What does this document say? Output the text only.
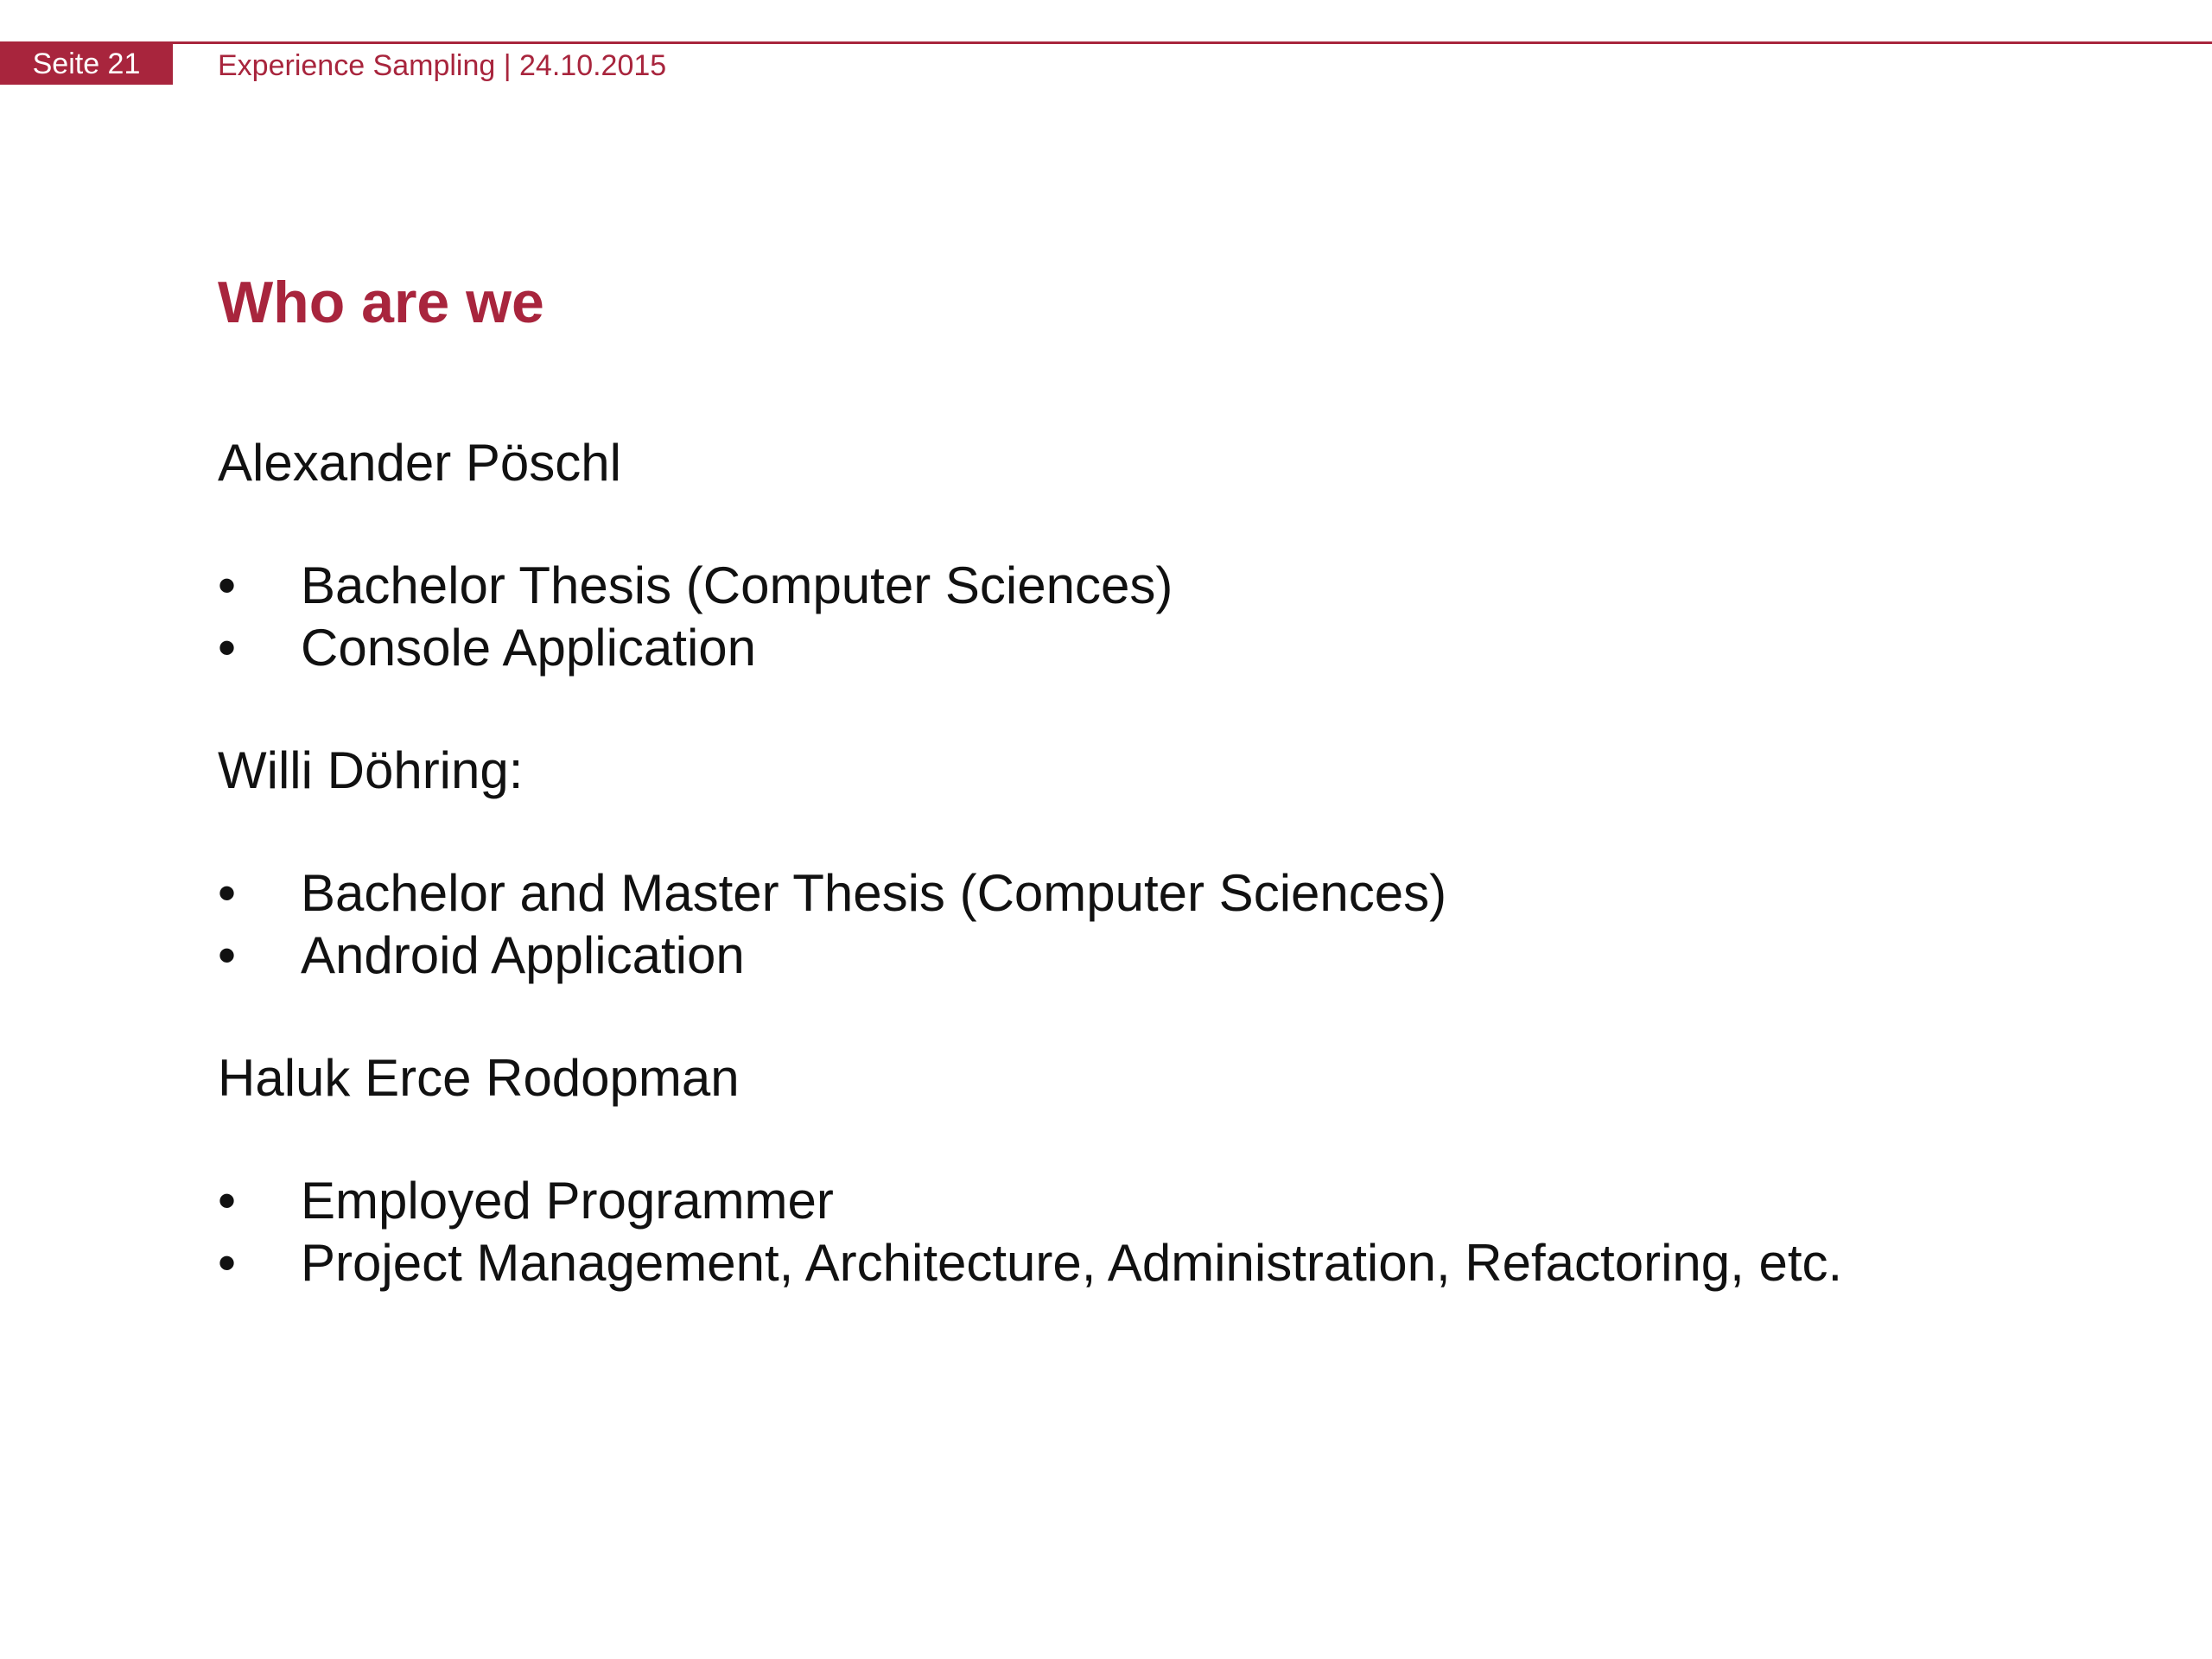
Seite 21	Experience Sampling | 24.10.2015
Who are we

Alexander Pöschl

• Bachelor Thesis (Computer Sciences)
• Console Application

Willi Döhring:

• Bachelor and Master Thesis (Computer Sciences)
• Android Application

Haluk Erce Rodopman

• Employed Programmer
• Project Management, Architecture, Administration, Refactoring, etc.
